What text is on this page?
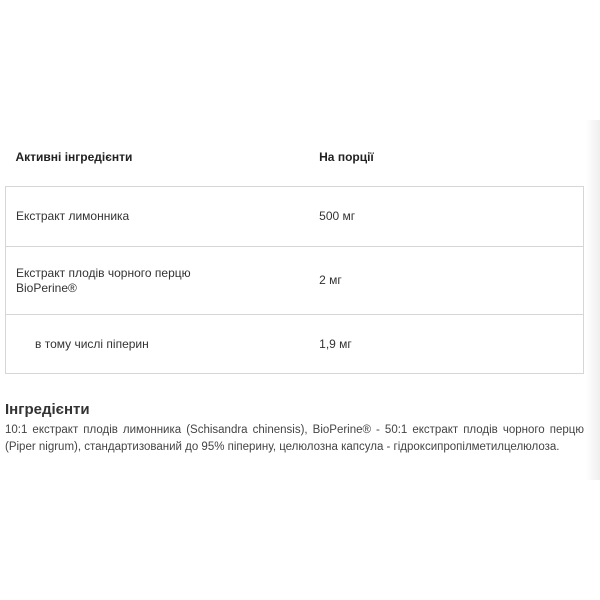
Активні інгредієнти	На порції
Екстракт лимонника	500 мг
Екстракт плодів чорного перцю BioPerine®	2 мг
в тому числі піперин	1,9 мг
Інгредієнти

10:1 екстракт плодів лимонника (Schisandra chinensis), BioPerine® - 50:1 екстракт плодів чорного перцю (Piper nigrum), стандартизований до 95% піперину, целюлозна капсула - гідроксипропілметилцелюлоза.
